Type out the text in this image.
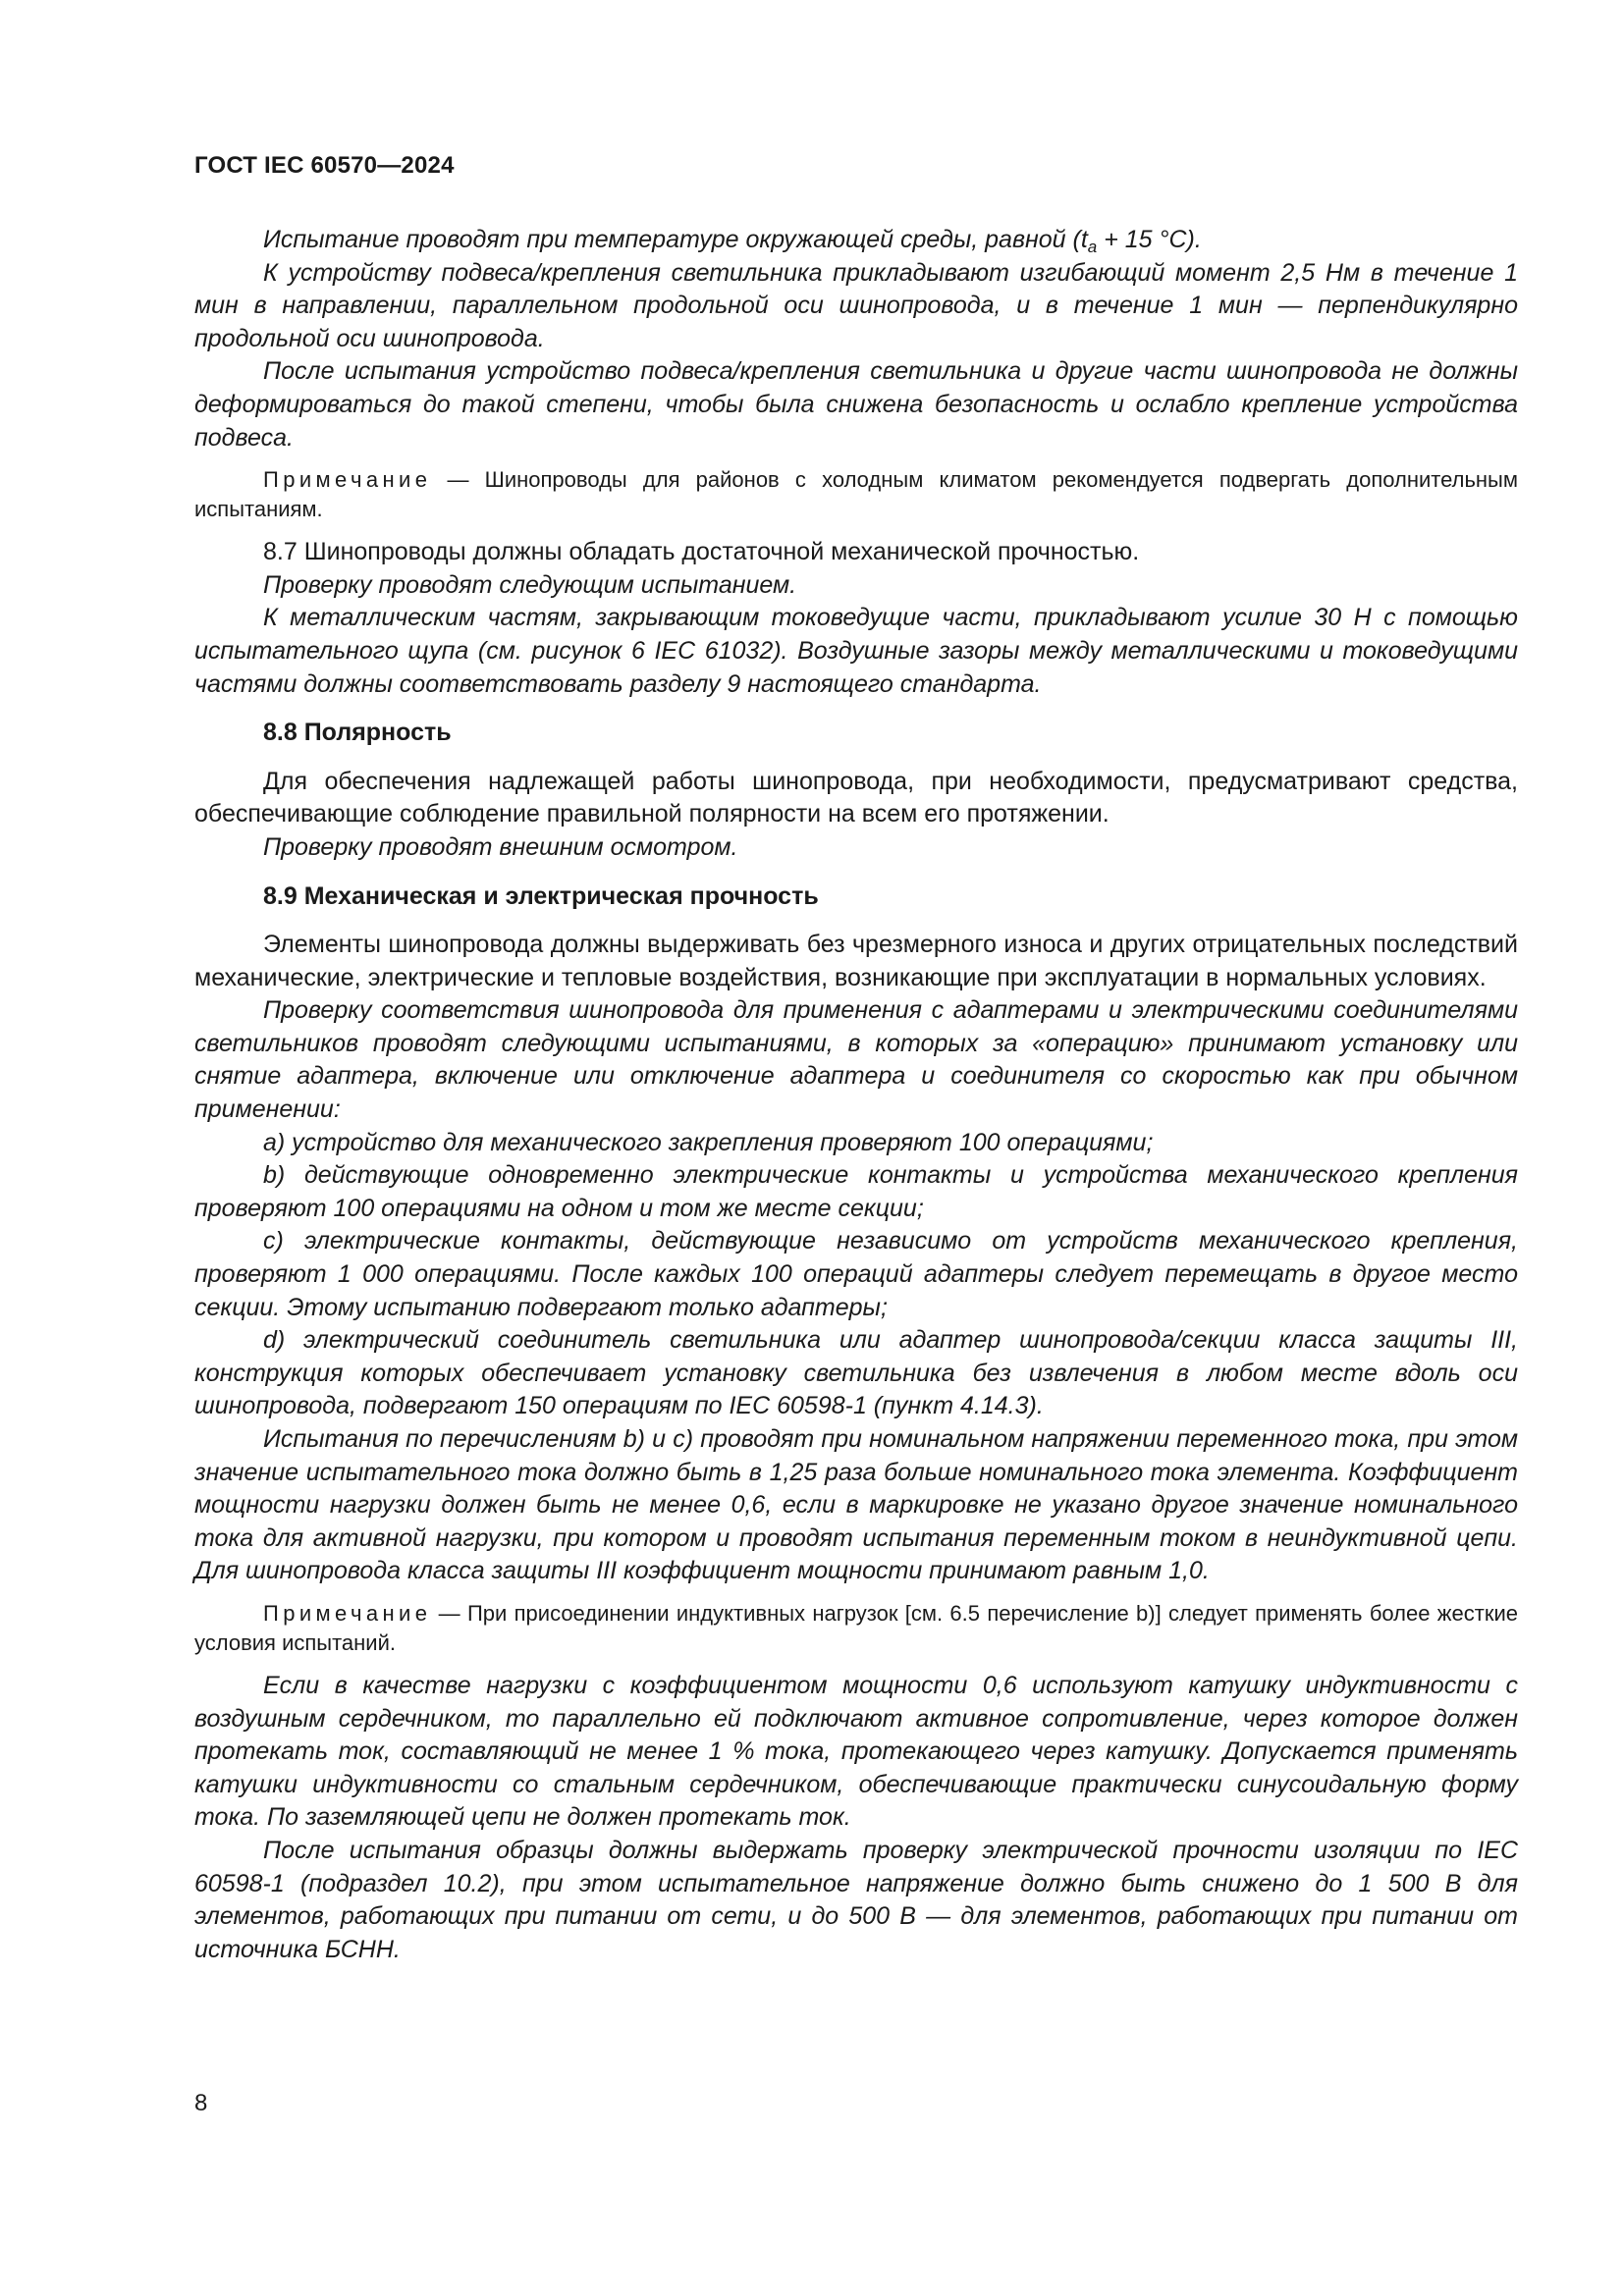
ГОСТ IEC 60570—2024

Испытание проводят при температуре окружающей среды, равной ($t_a + 15$ °С).

К устройству подвеса/крепления светильника прикладывают изгибающий момент 2,5 Нм в течение 1 мин в направлении, параллельном продольной оси шинопровода, и в течение 1 мин — перпендикулярно продольной оси шинопровода.

После испытания устройство подвеса/крепления светильника и другие части шинопровода не должны деформироваться до такой степени, чтобы была снижена безопасность и ослабло крепление устройства подвеса.

Примечание — Шинопроводы для районов с холодным климатом рекомендуется подвергать дополнительным испытаниям.

8.7 Шинопроводы должны обладать достаточной механической прочностью.

Проверку проводят следующим испытанием.

К металлическим частям, закрывающим токоведущие части, прикладывают усилие 30 Н с помощью испытательного щупа (см. рисунок 6 IEC 61032). Воздушные зазоры между металлическими и токоведущими частями должны соответствовать разделу 9 настоящего стандарта.

8.8 Полярность

Для обеспечения надлежащей работы шинопровода, при необходимости, предусматривают средства, обеспечивающие соблюдение правильной полярности на всем его протяжении.

Проверку проводят внешним осмотром.

8.9 Механическая и электрическая прочность

Элементы шинопровода должны выдерживать без чрезмерного износа и других отрицательных последствий механические, электрические и тепловые воздействия, возникающие при эксплуатации в нормальных условиях.

Проверку соответствия шинопровода для применения с адаптерами и электрическими соединителями светильников проводят следующими испытаниями, в которых за «операцию» принимают установку или снятие адаптера, включение или отключение адаптера и соединителя со скоростью как при обычном применении:

а) устройство для механического закрепления проверяют 100 операциями;

b) действующие одновременно электрические контакты и устройства механического крепления проверяют 100 операциями на одном и том же месте секции;

c) электрические контакты, действующие независимо от устройств механического крепления, проверяют 1 000 операциями. После каждых 100 операций адаптеры следует перемещать в другое место секции. Этому испытанию подвергают только адаптеры;

d) электрический соединитель светильника или адаптер шинопровода/секции класса защиты III, конструкция которых обеспечивает установку светильника без извлечения в любом месте вдоль оси шинопровода, подвергают 150 операциям по IEC 60598-1 (пункт 4.14.3).

Испытания по перечислениям b) и с) проводят при номинальном напряжении переменного тока, при этом значение испытательного тока должно быть в 1,25 раза больше номинального тока элемента. Коэффициент мощности нагрузки должен быть не менее 0,6, если в маркировке не указано другое значение номинального тока для активной нагрузки, при котором и проводят испытания переменным током в неиндуктивной цепи. Для шинопровода класса защиты III коэффициент мощности принимают равным 1,0.

Примечание — При присоединении индуктивных нагрузок [см. 6.5 перечисление b)] следует применять более жесткие условия испытаний.

Если в качестве нагрузки с коэффициентом мощности 0,6 используют катушку индуктивности с воздушным сердечником, то параллельно ей подключают активное сопротивление, через которое должен протекать ток, составляющий не менее 1 % тока, протекающего через катушку. Допускается применять катушки индуктивности со стальным сердечником, обеспечивающие практически синусоидальную форму тока. По заземляющей цепи не должен протекать ток.

После испытания образцы должны выдержать проверку электрической прочности изоляции по IEC 60598-1 (подраздел 10.2), при этом испытательное напряжение должно быть снижено до 1 500 В для элементов, работающих при питании от сети, и до 500 В — для элементов, работающих при питании от источника БСНН.

8
